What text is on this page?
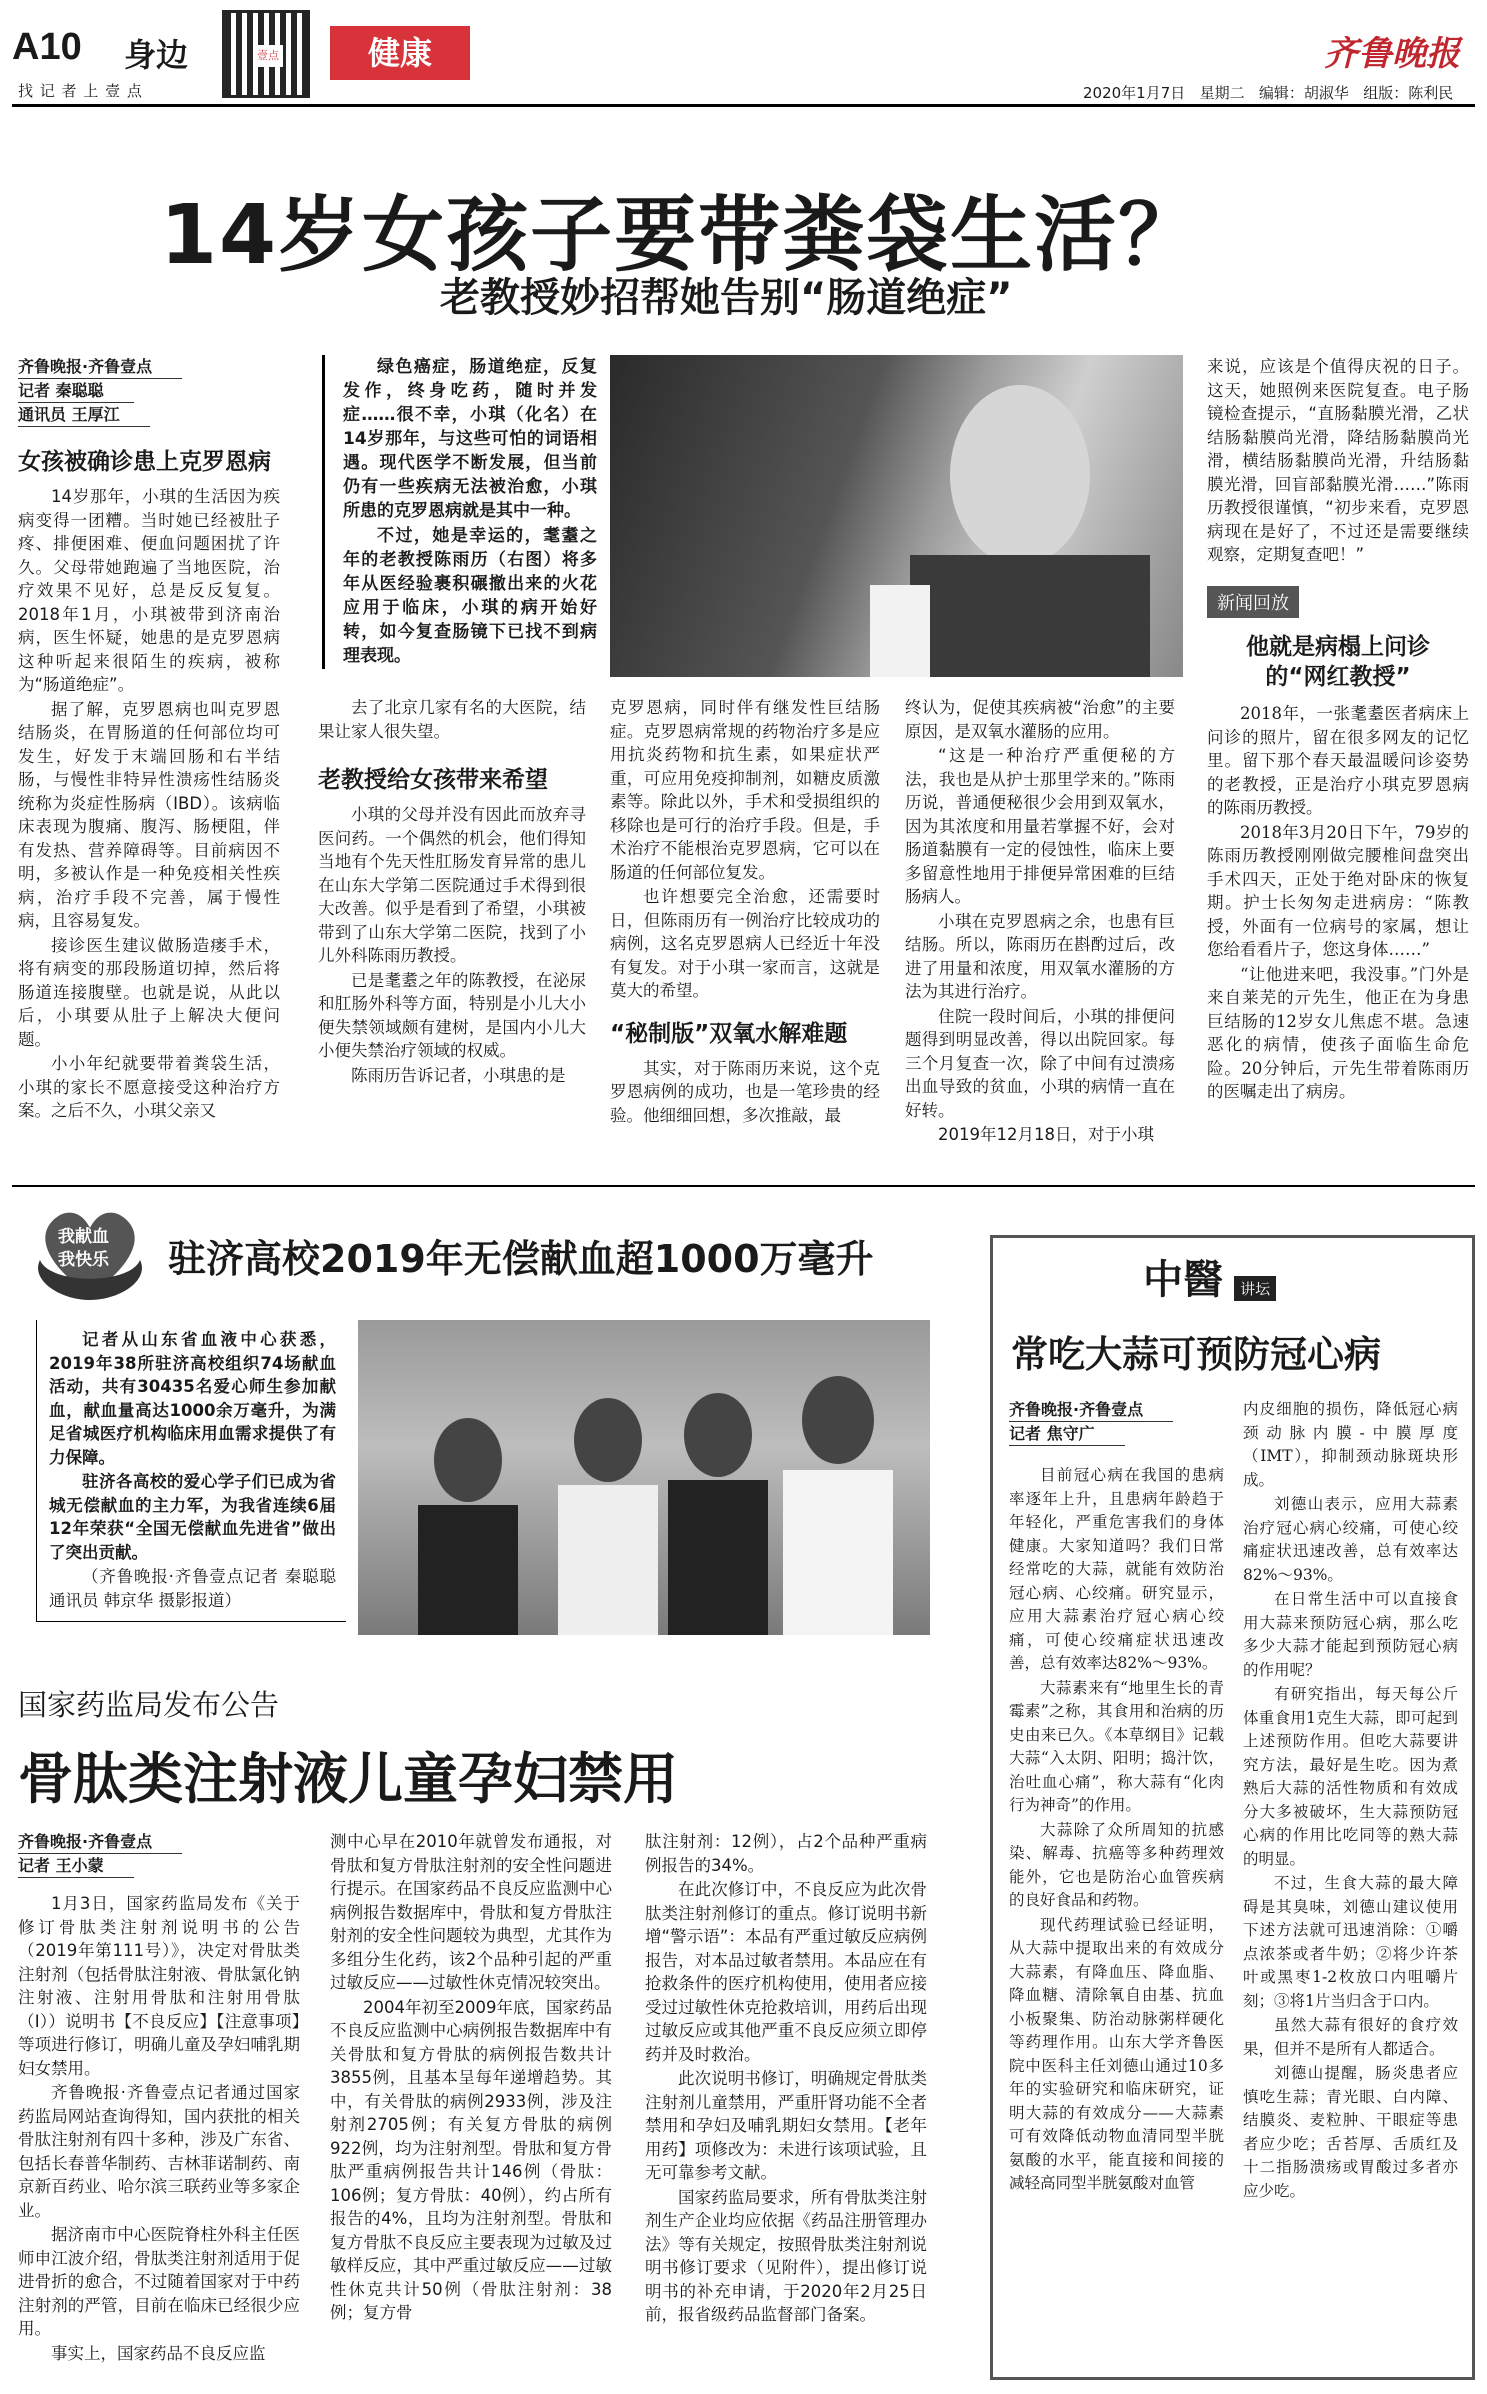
A10 身边
找 记 者 上 壹 点
壹点	健康	齐鲁晚报
2020年1月7日 星期二 编辑：胡淑华 组版：陈利民
14岁女孩子要带粪袋生活？
老教授妙招帮她告别“肠道绝症”
齐鲁晚报·齐鲁壹点
记者 秦聪聪
通讯员 王厚江
女孩被确诊患上克罗恩病

14岁那年，小琪的生活因为疾病变得一团糟。当时她已经被肚子疼、排便困难、便血问题困扰了许久。父母带她跑遍了当地医院，治疗效果不见好，总是反反复复。2018年1月，小琪被带到济南治病，医生怀疑，她患的是克罗恩病这种听起来很陌生的疾病，被称为“肠道绝症”。

据了解，克罗恩病也叫克罗恩结肠炎，在胃肠道的任何部位均可发生，好发于末端回肠和右半结肠，与慢性非特异性溃疡性结肠炎统称为炎症性肠病（IBD）。该病临床表现为腹痛、腹泻、肠梗阻，伴有发热、营养障碍等。目前病因不明，多被认作是一种免疫相关性疾病，治疗手段不完善，属于慢性病，且容易复发。

接诊医生建议做肠造瘘手术，将有病变的那段肠道切掉，然后将肠道连接腹壁。也就是说，从此以后，小琪要从肚子上解决大便问题。

小小年纪就要带着粪袋生活，小琪的家长不愿意接受这种治疗方案。之后不久，小琪父亲又

绿色癌症，肠道绝症，反复发作，终身吃药，随时并发症……很不幸，小琪（化名）在14岁那年，与这些可怕的词语相遇。现代医学不断发展，但当前仍有一些疾病无法被治愈，小琪所患的克罗恩病就是其中一种。

不过，她是幸运的，耄耋之年的老教授陈雨历（右图）将多年从医经验裹积碾撤出来的火花应用于临床，小琪的病开始好转，如今复查肠镜下已找不到病理表现。

去了北京几家有名的大医院，结果让家人很失望。

老教授给女孩带来希望

小琪的父母并没有因此而放弃寻医问药。一个偶然的机会，他们得知当地有个先天性肛肠发育异常的患儿在山东大学第二医院通过手术得到很大改善。似乎是看到了希望，小琪被带到了山东大学第二医院，找到了小儿外科陈雨历教授。

已是耄耋之年的陈教授，在泌尿和肛肠外科等方面，特别是小儿大小便失禁领域颇有建树，是国内小儿大小便失禁治疗领域的权威。

陈雨历告诉记者，小琪患的是

克罗恩病，同时伴有继发性巨结肠症。克罗恩病常规的药物治疗多是应用抗炎药物和抗生素，如果症状严重，可应用免疫抑制剂，如糖皮质激素等。除此以外，手术和受损组织的移除也是可行的治疗手段。但是，手术治疗不能根治克罗恩病，它可以在肠道的任何部位复发。

也许想要完全治愈，还需要时日，但陈雨历有一例治疗比较成功的病例，这名克罗恩病人已经近十年没有复发。对于小琪一家而言，这就是莫大的希望。

“秘制版”双氧水解难题

其实，对于陈雨历来说，这个克罗恩病例的成功，也是一笔珍贵的经验。他细细回想，多次推敲，最

终认为，促使其疾病被“治愈”的主要原因，是双氧水灌肠的应用。

“这是一种治疗严重便秘的方法，我也是从护士那里学来的。”陈雨历说，普通便秘很少会用到双氧水，因为其浓度和用量若掌握不好，会对肠道黏膜有一定的侵蚀性，临床上要多留意性地用于排便异常困难的巨结肠病人。

小琪在克罗恩病之余，也患有巨结肠。所以，陈雨历在斟酌过后，改进了用量和浓度，用双氧水灌肠的方法为其进行治疗。

住院一段时间后，小琪的排便问题得到明显改善，得以出院回家。每三个月复查一次，除了中间有过溃疡出血导致的贫血，小琪的病情一直在好转。

2019年12月18日，对于小琪

来说，应该是个值得庆祝的日子。这天，她照例来医院复查。电子肠镜检查提示，“直肠黏膜光滑，乙状结肠黏膜尚光滑，降结肠黏膜尚光滑，横结肠黏膜尚光滑，升结肠黏膜光滑，回盲部黏膜光滑……”陈雨历教授很谨慎，“初步来看，克罗恩病现在是好了，不过还是需要继续观察，定期复查吧！”

新闻回放
他就是病榻上问诊的“网红教授”

2018年，一张耄耋医者病床上问诊的照片，留在很多网友的记忆里。留下那个春天最温暖问诊姿势的老教授，正是治疗小琪克罗恩病的陈雨历教授。

2018年3月20日下午，79岁的陈雨历教授刚刚做完腰椎间盘突出手术四天，正处于绝对卧床的恢复期。护士长匆匆走进病房：“陈教授，外面有一位病号的家属，想让您给看看片子，您这身体……”

“让他进来吧，我没事。”门外是来自莱芜的亓先生，他正在为身患巨结肠的12岁女儿焦虑不堪。急速恶化的病情，使孩子面临生命危险。20分钟后，亓先生带着陈雨历的医嘱走出了病房。

我献血
我快乐 驻济高校2019年无偿献血超1000万毫升

记者从山东省血液中心获悉，2019年38所驻济高校组织74场献血活动，共有30435名爱心师生参加献血，献血量高达1000余万毫升，为满足省城医疗机构临床用血需求提供了有力保障。

驻济各高校的爱心学子们已成为省城无偿献血的主力军，为我省连续6届12年荣获“全国无偿献血先进省”做出了突出贡献。

（齐鲁晚报·齐鲁壹点记者 秦聪聪 通讯员 韩京华 摄影报道）

中醫 讲坛
常吃大蒜可预防冠心病
齐鲁晚报·齐鲁壹点
记者 焦守广

目前冠心病在我国的患病率逐年上升，且患病年龄趋于年轻化，严重危害我们的身体健康。大家知道吗？我们日常经常吃的大蒜，就能有效防治冠心病、心绞痛。研究显示，应用大蒜素治疗冠心病心绞痛，可使心绞痛症状迅速改善，总有效率达82%～93%。

大蒜素来有“地里生长的青霉素”之称，其食用和治病的历史由来已久。《本草纲目》记载大蒜“入太阴、阳明；捣汁饮，治吐血心痛”，称大蒜有“化肉行为神奇”的作用。

大蒜除了众所周知的抗感染、解毒、抗癌等多种药理效能外，它也是防治心血管疾病的良好食品和药物。

现代药理试验已经证明，从大蒜中提取出来的有效成分大蒜素，有降血压、降血脂、降血糖、清除氧自由基、抗血小板聚集、防治动脉粥样硬化等药理作用。山东大学齐鲁医院中医科主任刘德山通过10多年的实验研究和临床研究，证明大蒜的有效成分——大蒜素可有效降低动物血清同型半胱氨酸的水平，能直接和间接的减轻高同型半胱氨酸对血管

内皮细胞的损伤，降低冠心病颈动脉内膜-中膜厚度（IMT），抑制颈动脉斑块形成。

刘德山表示，应用大蒜素治疗冠心病心绞痛，可使心绞痛症状迅速改善，总有效率达82%～93%。

在日常生活中可以直接食用大蒜来预防冠心病，那么吃多少大蒜才能起到预防冠心病的作用呢？

有研究指出，每天每公斤体重食用1克生大蒜，即可起到上述预防作用。但吃大蒜要讲究方法，最好是生吃。因为煮熟后大蒜的活性物质和有效成分大多被破坏，生大蒜预防冠心病的作用比吃同等的熟大蒜的明显。

不过，生食大蒜的最大障碍是其臭味，刘德山建议使用下述方法就可迅速消除：①嚼点浓茶或者牛奶；②将少许茶叶或黑枣1-2枚放口内咀嚼片刻；③将1片当归含于口内。

虽然大蒜有很好的食疗效果，但并不是所有人都适合。

刘德山提醒，肠炎患者应慎吃生蒜；青光眼、白内障、结膜炎、麦粒肿、干眼症等患者应少吃；舌苔厚、舌质红及十二指肠溃疡或胃酸过多者亦应少吃。

国家药监局发布公告
骨肽类注射液儿童孕妇禁用
齐鲁晚报·齐鲁壹点
记者 王小蒙

1月3日，国家药监局发布《关于修订骨肽类注射剂说明书的公告（2019年第111号）》，决定对骨肽类注射剂（包括骨肽注射液、骨肽氯化钠注射液、注射用骨肽和注射用骨肽（Ⅰ））说明书【不良反应】【注意事项】等项进行修订，明确儿童及孕妇哺乳期妇女禁用。

齐鲁晚报·齐鲁壹点记者通过国家药监局网站查询得知，国内获批的相关骨肽注射剂有四十多种，涉及广东省、包括长春普华制药、吉林菲诺制药、南京新百药业、哈尔滨三联药业等多家企业。

据济南市中心医院脊柱外科主任医师申江波介绍，骨肽类注射剂适用于促进骨折的愈合，不过随着国家对于中药注射剂的严管，目前在临床已经很少应用。

事实上，国家药品不良反应监

测中心早在2010年就曾发布通报，对骨肽和复方骨肽注射剂的安全性问题进行提示。在国家药品不良反应监测中心病例报告数据库中，骨肽和复方骨肽注射剂的安全性问题较为典型，尤其作为多组分生化药，该2个品种引起的严重过敏反应——过敏性休克情况较突出。

2004年初至2009年底，国家药品不良反应监测中心病例报告数据库中有关骨肽和复方骨肽的病例报告数共计3855例，且基本呈每年递增趋势。其中，有关骨肽的病例2933例，涉及注射剂2705例；有关复方骨肽的病例922例，均为注射剂型。骨肽和复方骨肽严重病例报告共计146例（骨肽：106例；复方骨肽：40例），约占所有报告的4%，且均为注射剂型。骨肽和复方骨肽不良反应主要表现为过敏及过敏样反应，其中严重过敏反应——过敏性休克共计50例（骨肽注射剂：38例；复方骨

肽注射剂：12例），占2个品种严重病例报告的34%。

在此次修订中，不良反应为此次骨肽类注射剂修订的重点。修订说明书新增“警示语”：本品有严重过敏反应病例报告，对本品过敏者禁用。本品应在有抢救条件的医疗机构使用，使用者应接受过过敏性休克抢救培训，用药后出现过敏反应或其他严重不良反应须立即停药并及时救治。

此次说明书修订，明确规定骨肽类注射剂儿童禁用，严重肝肾功能不全者禁用和孕妇及哺乳期妇女禁用。【老年用药】项修改为：未进行该项试验，且无可靠参考文献。

国家药监局要求，所有骨肽类注射剂生产企业均应依据《药品注册管理办法》等有关规定，按照骨肽类注射剂说明书修订要求（见附件），提出修订说明书的补充申请，于2020年2月25日前，报省级药品监督部门备案。
